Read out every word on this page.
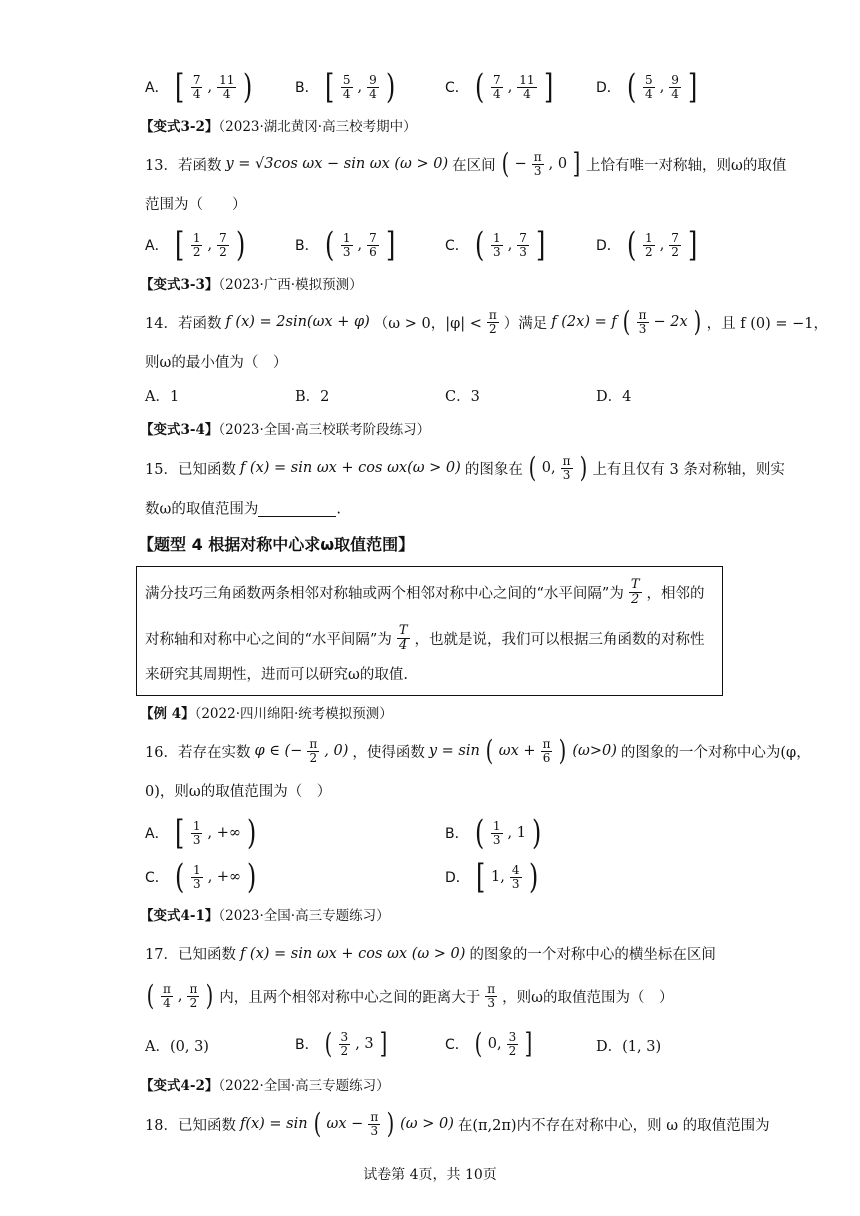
A． [ $\frac{7}{4}$ , $\frac{11}{4}$ )	B． [ $\frac{5}{4}$ , $\frac{9}{4}$ )	C． ( $\frac{7}{4}$ , $\frac{11}{4}$ ]	D． ( $\frac{5}{4}$ , $\frac{9}{4}$ ]
【变式3-2】（2023·湖北黄冈·高三校考期中）
13．若函数 y = √3cos ωx − sin ωx (ω > 0) 在区间 ( − $\frac{\pi}{3}$ , 0 ] 上恰有唯一对称轴，则ω的取值
范围为（　　）
A． [ $\frac{1}{2}$ , $\frac{7}{2}$ )	B． ( $\frac{1}{3}$ , $\frac{7}{6}$ ]	C． ( $\frac{1}{3}$ , $\frac{7}{3}$ ]	D． ( $\frac{1}{2}$ , $\frac{7}{2}$ ]
【变式3-3】（2023·广西·模拟预测）
14．若函数 f (x) = 2sin(ωx + φ) （ω > 0，$|\varphi| < \frac{\pi}{2}$ ）满足 f (2x) = f ( $\frac{\pi}{3} - 2x$ ) ，且 f (0) = −1，
则ω的最小值为（　）
A．1	B．2	C．3	D．4
【变式3-4】（2023·全国·高三校联考阶段练习）
15．已知函数 f (x) = sin ωx + cos ωx(ω > 0) 的图象在 ( 0, $\frac{\pi}{3}$ ) 上有且仅有 3 条对称轴，则实
数ω的取值范围为	.
【题型 4 根据对称中心求ω取值范围】
满分技巧三角函数两条相邻对称轴或两个相邻对称中心之间的“水平间隔”为 $\frac{T}{2}$ ，相邻的
对称轴和对称中心之间的“水平间隔”为 $\frac{T}{4}$ ，也就是说，我们可以根据三角函数的对称性
来研究其周期性，进而可以研究ω的取值.
【例 4】（2022·四川绵阳·统考模拟预测）
16．若存在实数 φ ∈ (− $\frac{\pi}{2}$ , 0) ，使得函数 y = sin ( $\omega x + \frac{\pi}{6}$ ) (ω>0) 的图象的一个对称中心为(φ，
0)，则ω的取值范围为（　）
A． [ $\frac{1}{3}$ , +∞ )	B． ( $\frac{1}{3}$ , 1 )
C． ( $\frac{1}{3}$ , +∞ )	D． [ 1, $\frac{4}{3}$ )
【变式4-1】（2023·全国·高三专题练习）
17．已知函数 f (x) = sin ωx + cos ωx (ω > 0) 的图象的一个对称中心的横坐标在区间
( $\frac{\pi}{4}$ , $\frac{\pi}{2}$ ) 内，且两个相邻对称中心之间的距离大于 $\frac{\pi}{3}$ ，则ω的取值范围为（　）
A．(0, 3)	B． ( $\frac{3}{2}$ , 3 ]	C． ( 0, $\frac{3}{2}$ ]	D．(1, 3)
【变式4-2】（2022·全国·高三专题练习）
18．已知函数 f(x) = sin ( $\omega x - \frac{\pi}{3}$ ) (ω > 0) 在(π,2π)内不存在对称中心，则 ω 的取值范围为
试卷第 4页，共 10页
